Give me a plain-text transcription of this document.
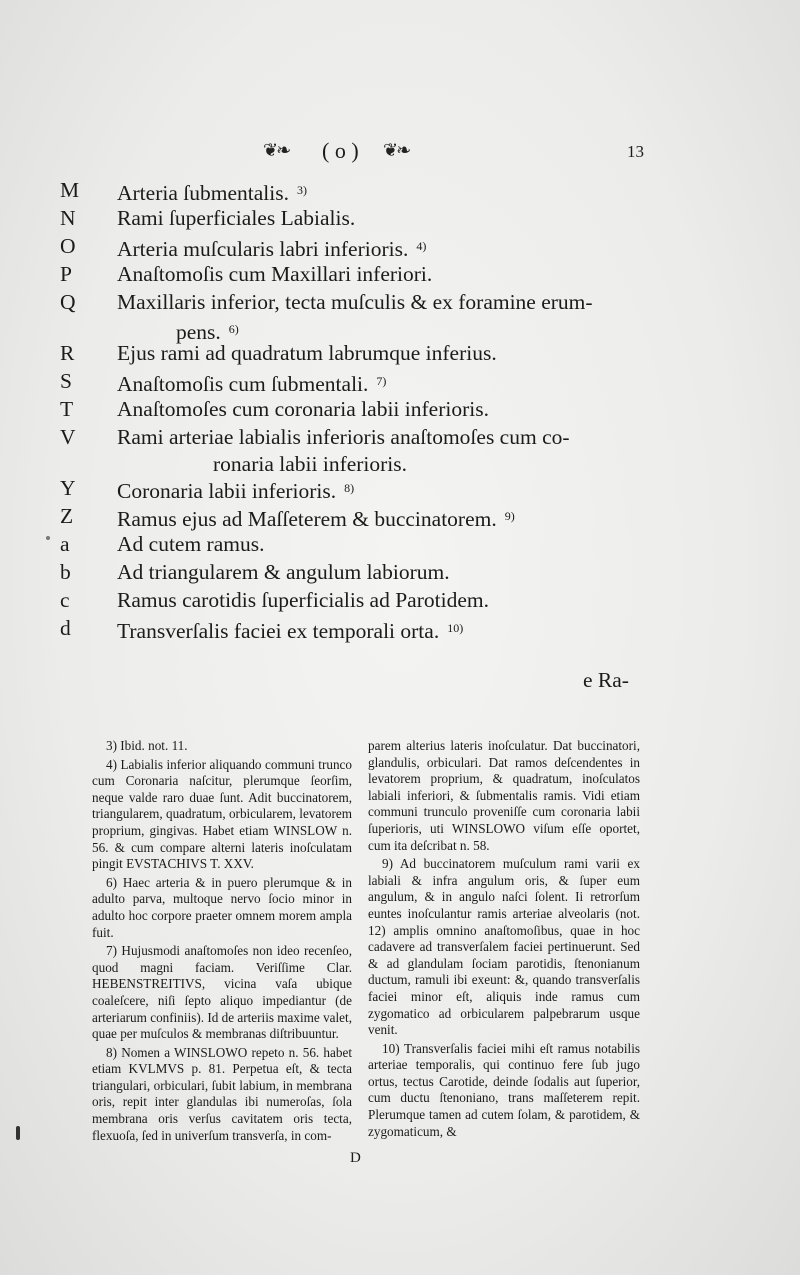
❦❧	( o ) ❦❧	13
M	Arteria ſubmentalis. $^{3)}$
N	Rami ſuperficiales Labialis.
O	Arteria muſcularis labri inferioris. $^{4)}$
P	Anaſtomoſis cum Maxillari inferiori.
Q	Maxillaris inferior, tecta muſculis & ex foramine erum-
pens. $^{6)}$
R	Ejus rami ad quadratum labrumque inferius.
S	Anaſtomoſis cum ſubmentali. $^{7)}$
T	Anaſtomoſes cum coronaria labii inferioris.
V	Rami arteriae labialis inferioris anaſtomoſes cum co-
ronaria labii inferioris.
Y	Coronaria labii inferioris. $^{8)}$
Z	Ramus ejus ad Maſſeterem & buccinatorem. $^{9)}$
a	Ad cutem ramus.
b	Ad triangularem & angulum labiorum.
c	Ramus carotidis ſuperficialis ad Parotidem.
d	Transverſalis faciei ex temporali orta. $^{10)}$
e Ra-

3) Ibid. not. 11.

4) Labialis inferior aliquando communi trunco cum Coronaria naſcitur, plerumque ſeorſim, neque valde raro duae ſunt. Adit buccinatorem, triangularem, quadratum, orbicularem, levatorem proprium, gingivas. Habet etiam WINSLOW n. 56. & cum compare alterni lateris inoſculatam pingit EVSTACHIVS T. XXV.

6) Haec arteria & in puero plerumque & in adulto parva, multoque nervo ſocio minor in adulto hoc corpore praeter omnem morem ampla fuit.

7) Hujusmodi anaſtomoſes non ideo recenſeo, quod magni faciam. Veriſſime Clar. HEBENSTREITIVS, vicina vaſa ubique coaleſcere, niſi ſepto aliquo impediantur (de arteriarum confiniis). Id de arteriis maxime valet, quae per muſculos & membranas diſtribuuntur.

8) Nomen a WINSLOWO repeto n. 56. habet etiam KVLMVS p. 81. Perpetua eſt, & tecta triangulari, orbiculari, ſubit labium, in membrana oris, repit inter glandulas ibi numeroſas, ſola membrana oris verſus cavitatem oris tecta, flexuoſa, ſed in univerſum transverſa, in com-

parem alterius lateris inoſculatur. Dat buccinatori, glandulis, orbiculari. Dat ramos deſcendentes in levatorem proprium, & quadratum, inoſculatos labiali inferiori, & ſubmentalis ramis. Vidi etiam communi trunculo proveniſſe cum coronaria labii ſuperioris, uti WINSLOWO viſum eſſe oportet, cum ita deſcribat n. 58.

9) Ad buccinatorem muſculum rami varii ex labiali & infra angulum oris, & ſuper eum angulum, & in angulo naſci ſolent. Ii retrorſum euntes inoſculantur ramis arteriae alveolaris (not. 12) amplis omnino anaſtomoſibus, quae in hoc cadavere ad transverſalem faciei pertinuerunt. Sed & ad glandulam ſociam parotidis, ſtenonianum ductum, ramuli ibi exeunt: &, quando transverſalis faciei minor eſt, aliquis inde ramus cum zygomatico ad orbicularem palpebrarum usque venit.

10) Transverſalis faciei mihi eſt ramus notabilis arteriae temporalis, qui continuo fere ſub jugo ortus, tectus Carotide, deinde ſodalis aut ſuperior, cum ductu ſtenoniano, trans maſſeterem repit. Plerumque tamen ad cutem ſolam, & parotidem, & zygomaticum, &

D
